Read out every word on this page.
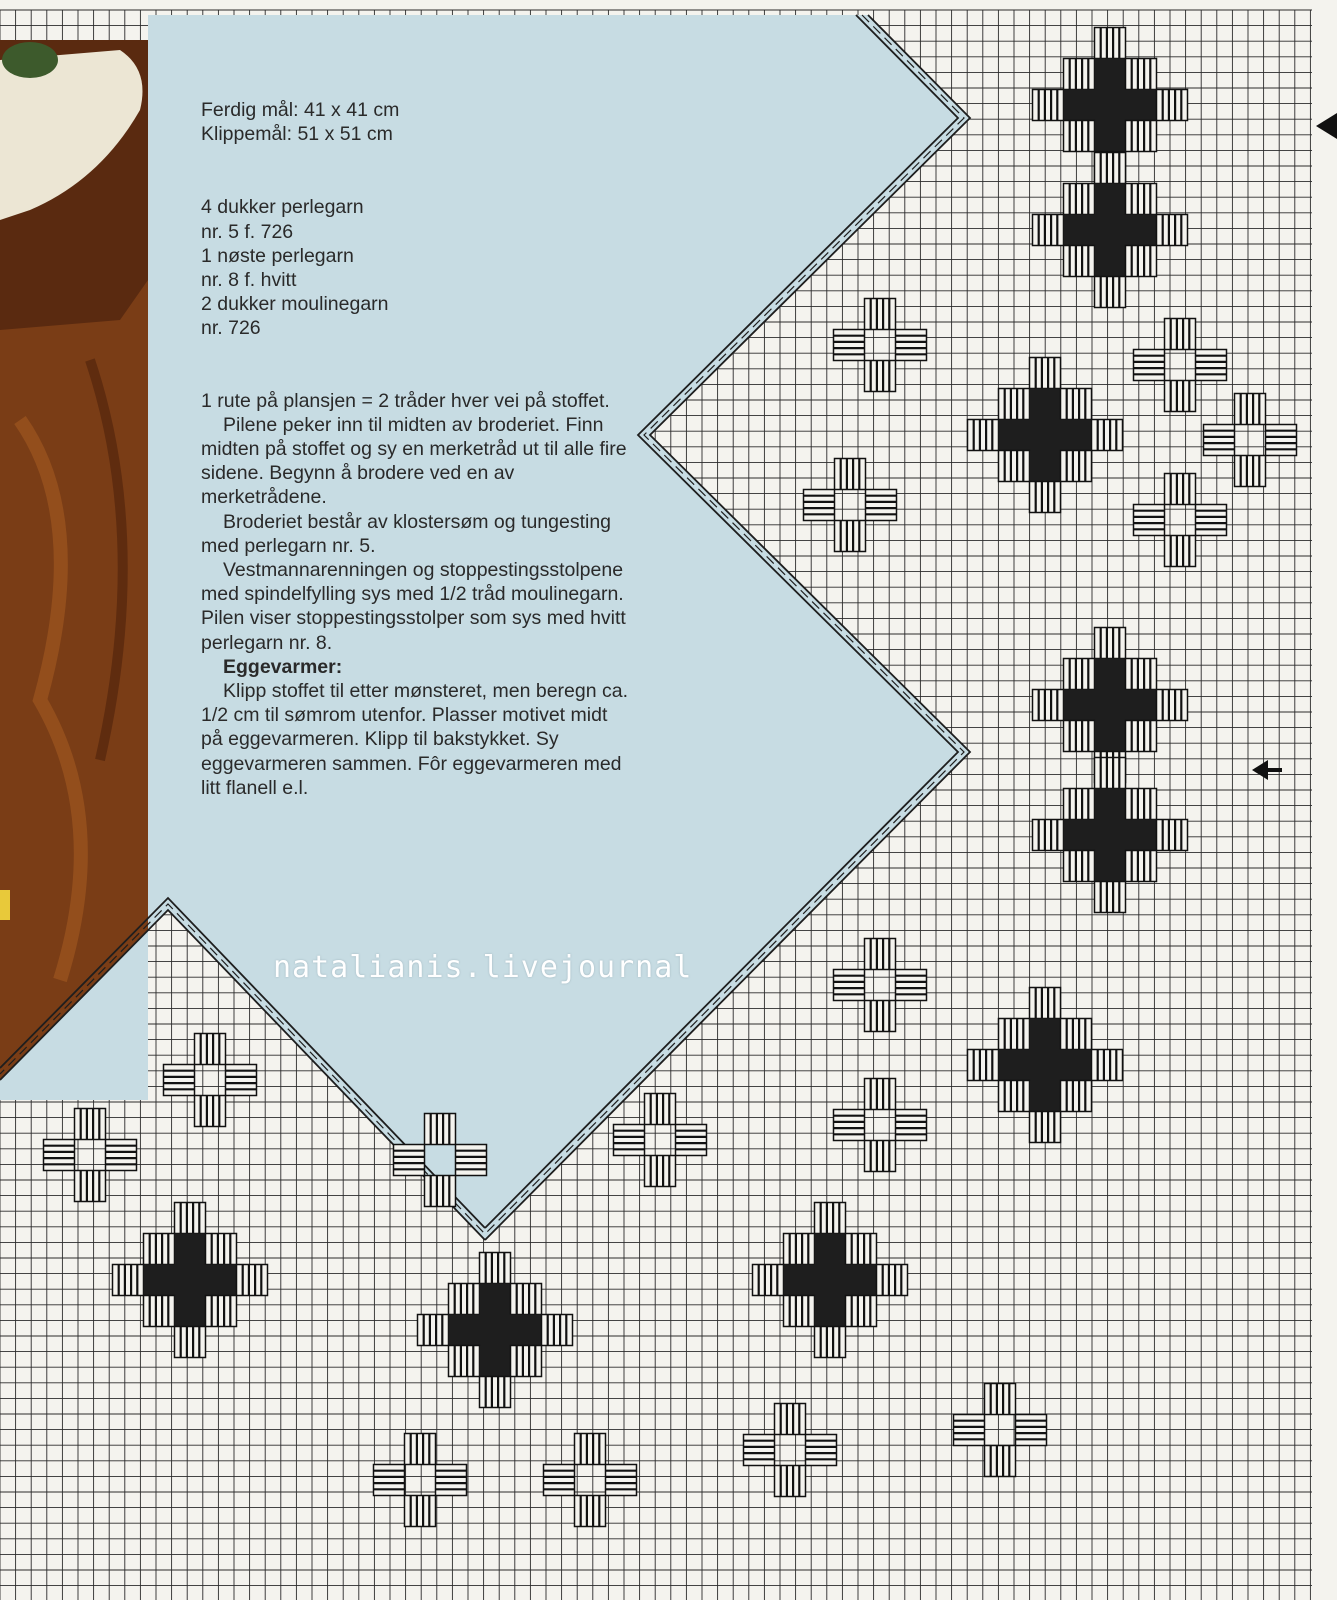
Ferdig mål: 41 x 41 cm

Klippemål: 51 x 51 cm

4 dukker perlegarn

nr. 5 f. 726

1 nøste perlegarn

nr. 8 f. hvitt

2 dukker moulinegarn

nr. 726

1 rute på plansjen = 2 tråder hver vei på stoffet.

Pilene peker inn til midten av broderiet. Finn midten på stoffet og sy en merketråd ut til alle fire sidene. Begynn å brodere ved en av merketrådene.

Broderiet består av klostersøm og tungesting med perlegarn nr. 5.

Vestmannarenningen og stoppestingsstolpene med spindelfylling sys med 1/2 tråd moulinegarn. Pilen viser stoppestingsstolper som sys med hvitt perlegarn nr. 8.

Eggevarmer:

Klipp stoffet til etter mønsteret, men beregn ca. 1/2 cm til sømrom utenfor. Plasser motivet midt på eggevarmeren. Klipp til bakstykket. Sy eggevarmeren sammen. Fôr eggevarmeren med litt flanell e.l.

natalianis.livejournal
